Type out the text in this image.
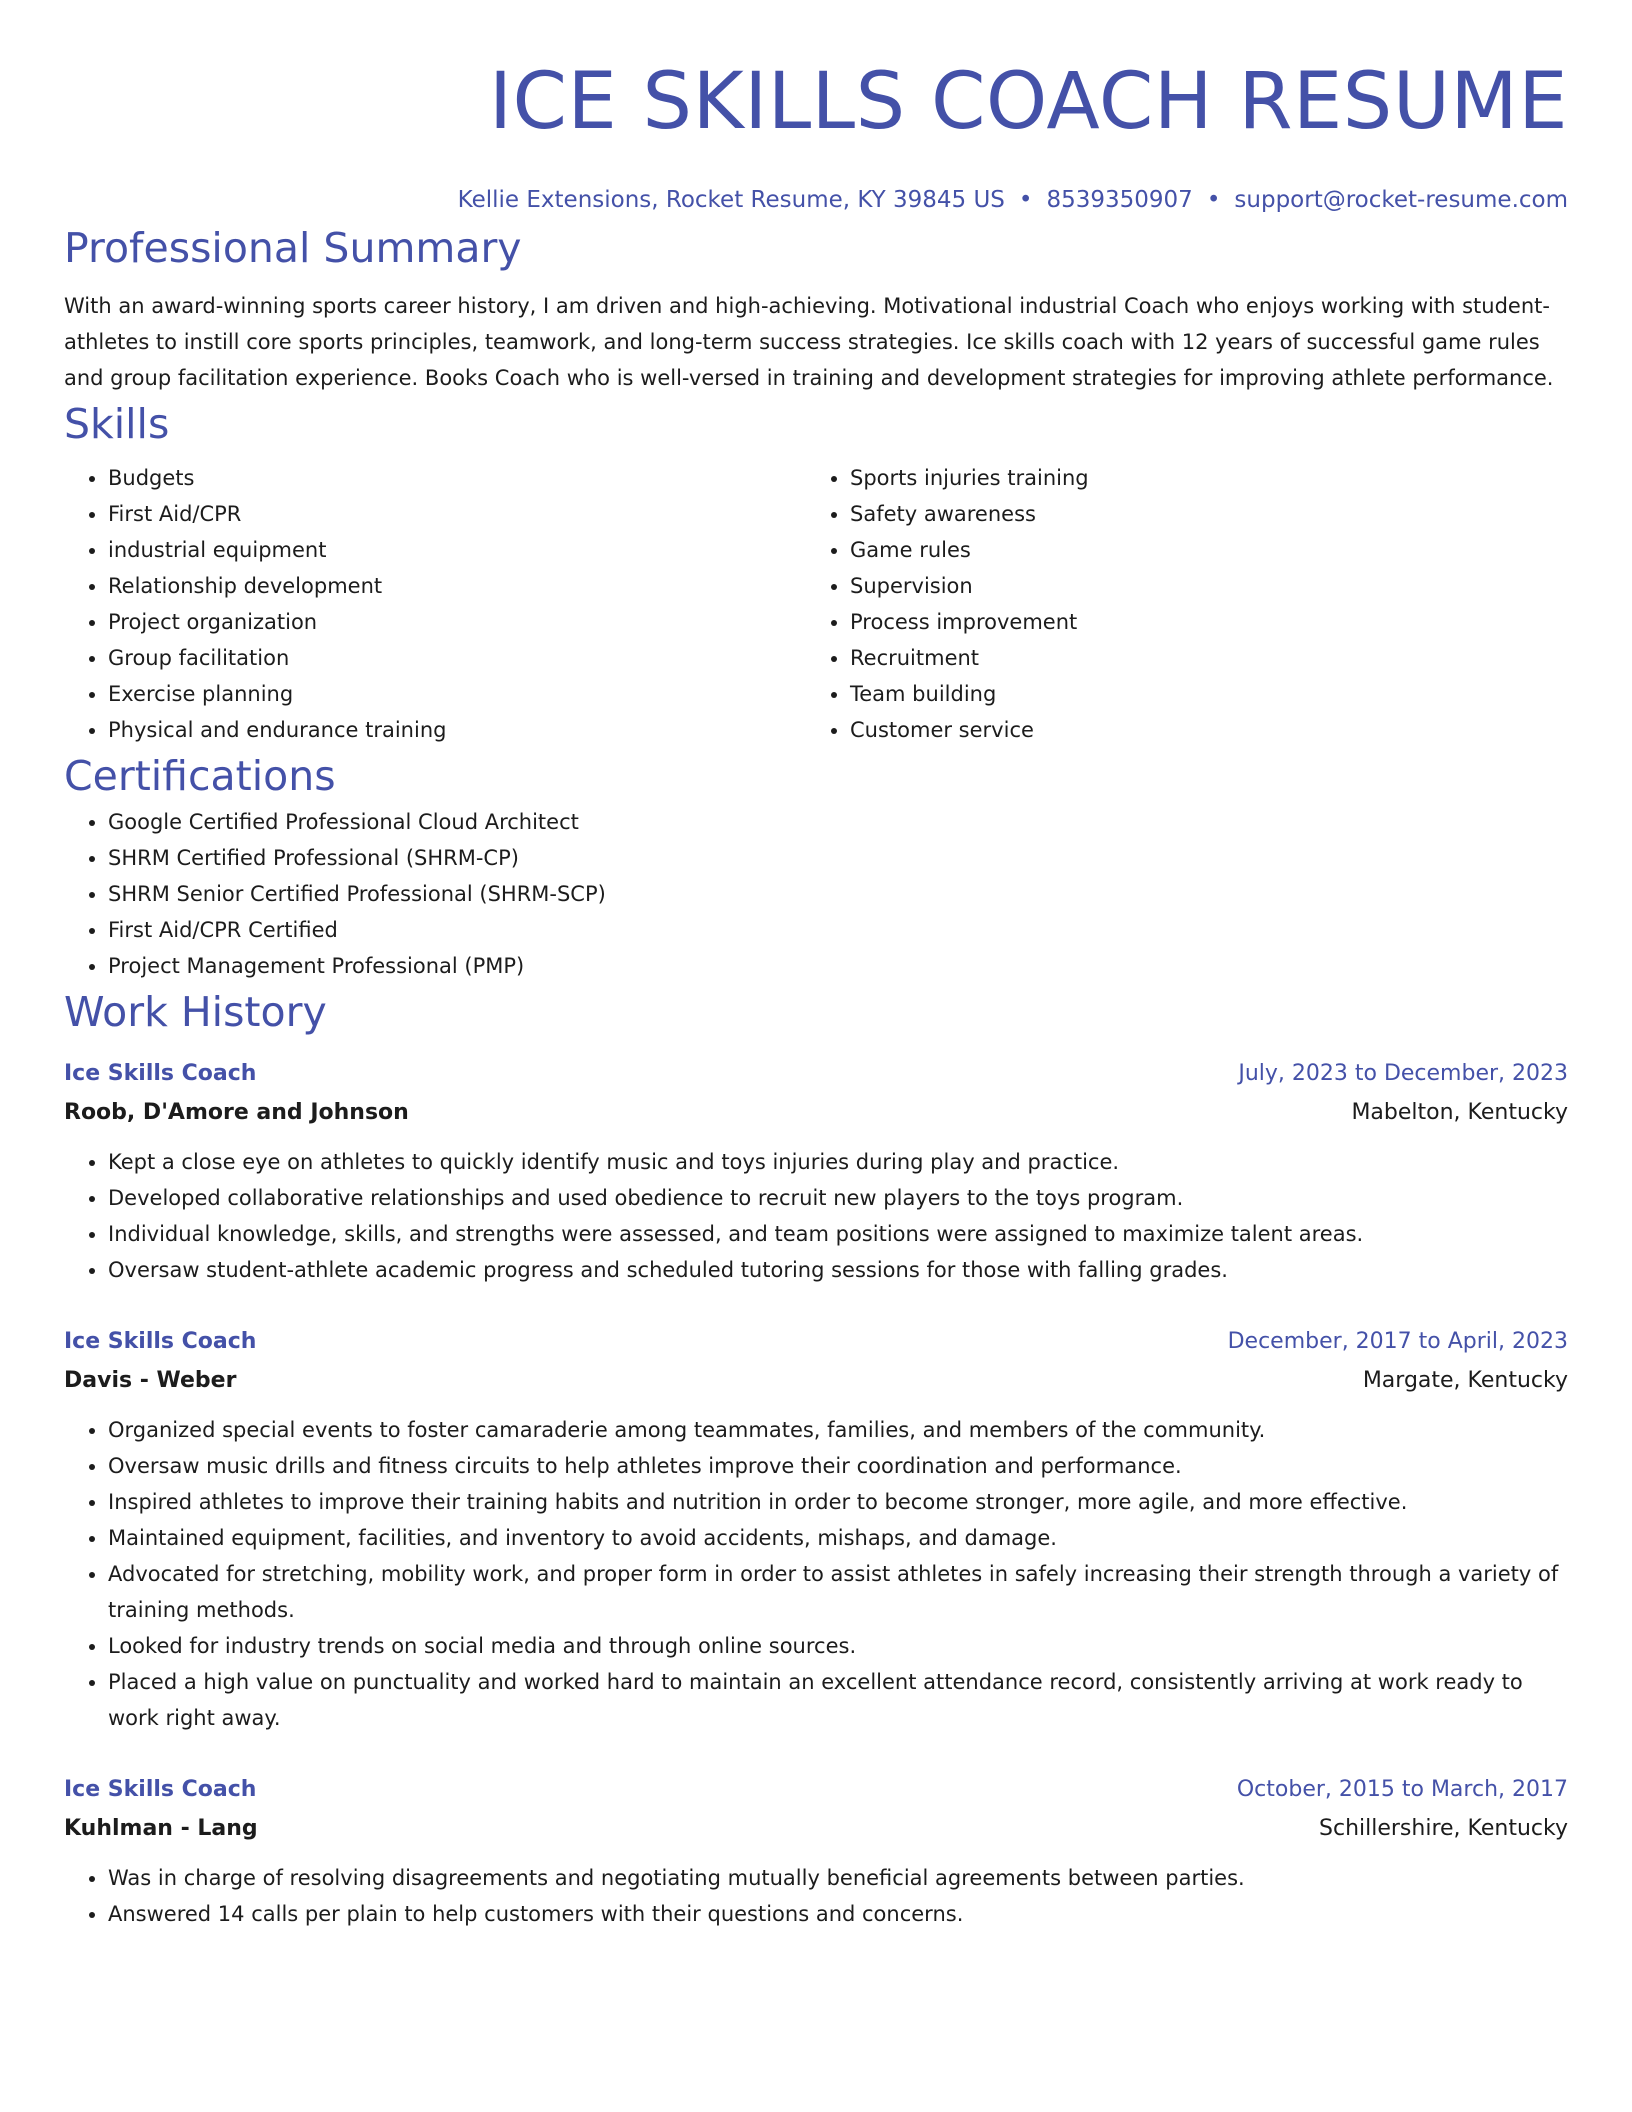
ICE SKILLS COACH RESUME
Kellie Extensions, Rocket Resume, KY 39845 US • 8539350907 • support@rocket-resume.com
Professional Summary

With an award-winning sports career history, I am driven and high-achieving. Motivational industrial Coach who enjoys working with student-athletes to instill core sports principles, teamwork, and long-term success strategies. Ice skills coach with 12 years of successful game rules and group facilitation experience. Books Coach who is well-versed in training and development strategies for improving athlete performance.

Skills
• Budgets
• First Aid/CPR
• industrial equipment
• Relationship development
• Project organization
• Group facilitation
• Exercise planning
• Physical and endurance training
• Sports injuries training
• Safety awareness
• Game rules
• Supervision
• Process improvement
• Recruitment
• Team building
• Customer service
Certifications
• Google Certified Professional Cloud Architect
• SHRM Certified Professional (SHRM-CP)
• SHRM Senior Certified Professional (SHRM-SCP)
• First Aid/CPR Certified
• Project Management Professional (PMP)
Work History
Ice Skills Coach	July, 2023 to December, 2023
Roob, D'Amore and Johnson	Mabelton, Kentucky
• Kept a close eye on athletes to quickly identify music and toys injuries during play and practice.
• Developed collaborative relationships and used obedience to recruit new players to the toys program.
• Individual knowledge, skills, and strengths were assessed, and team positions were assigned to maximize talent areas.
• Oversaw student-athlete academic progress and scheduled tutoring sessions for those with falling grades.
Ice Skills Coach	December, 2017 to April, 2023
Davis - Weber	Margate, Kentucky
• Organized special events to foster camaraderie among teammates, families, and members of the community.
• Oversaw music drills and fitness circuits to help athletes improve their coordination and performance.
• Inspired athletes to improve their training habits and nutrition in order to become stronger, more agile, and more effective.
• Maintained equipment, facilities, and inventory to avoid accidents, mishaps, and damage.
• Advocated for stretching, mobility work, and proper form in order to assist athletes in safely increasing their strength through a variety of training methods.
• Looked for industry trends on social media and through online sources.
• Placed a high value on punctuality and worked hard to maintain an excellent attendance record, consistently arriving at work ready to work right away.
Ice Skills Coach	October, 2015 to March, 2017
Kuhlman - Lang	Schillershire, Kentucky
• Was in charge of resolving disagreements and negotiating mutually beneficial agreements between parties.
• Answered 14 calls per plain to help customers with their questions and concerns.
